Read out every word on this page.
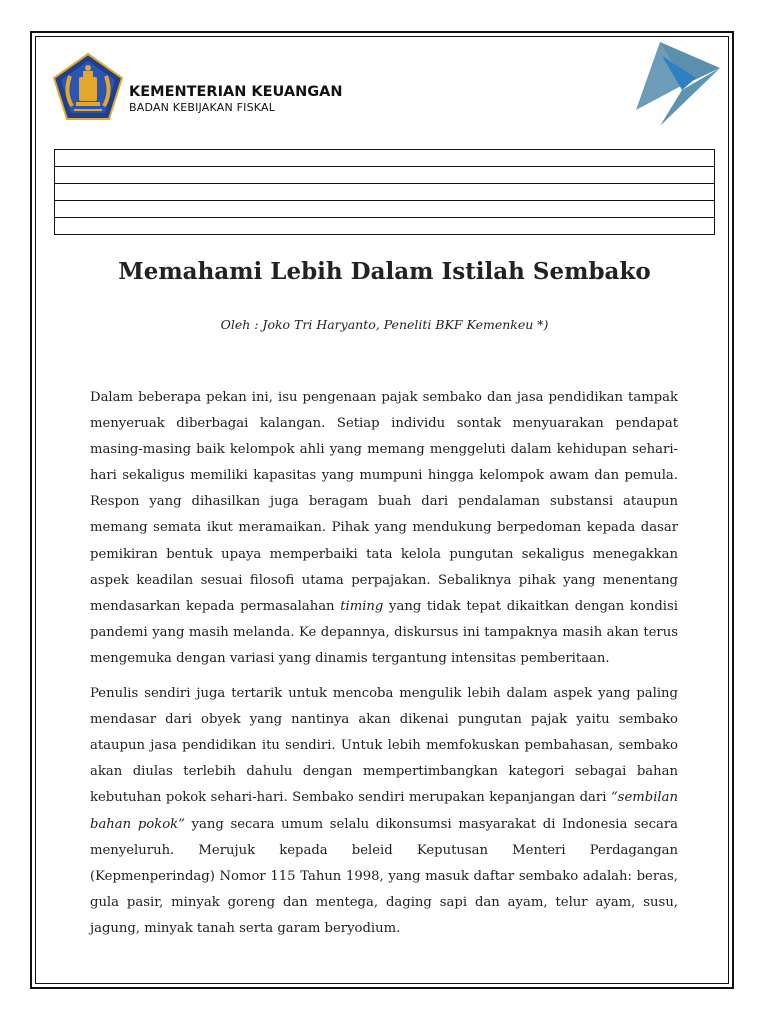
KEMENTERIAN KEUANGAN
BADAN KEBIJAKAN FISKAL
Memahami Lebih Dalam Istilah Sembako

Oleh : Joko Tri Haryanto, Peneliti BKF Kemenkeu *)

Dalam beberapa pekan ini, isu pengenaan pajak sembako dan jasa pendidikan tampak menyeruak diberbagai kalangan. Setiap individu sontak menyuarakan pendapat masing-masing baik kelompok ahli yang memang menggeluti dalam kehidupan sehari-hari sekaligus memiliki kapasitas yang mumpuni hingga kelompok awam dan pemula. Respon yang dihasilkan juga beragam buah dari pendalaman substansi ataupun memang semata ikut meramaikan. Pihak yang mendukung berpedoman kepada dasar pemikiran bentuk upaya memperbaiki tata kelola pungutan sekaligus menegakkan aspek keadilan sesuai filosofi utama perpajakan. Sebaliknya pihak yang menentang mendasarkan kepada permasalahan timing yang tidak tepat dikaitkan dengan kondisi pandemi yang masih melanda. Ke depannya, diskursus ini tampaknya masih akan terus mengemuka dengan variasi yang dinamis tergantung intensitas pemberitaan.

Penulis sendiri juga tertarik untuk mencoba mengulik lebih dalam aspek yang paling mendasar dari obyek yang nantinya akan dikenai pungutan pajak yaitu sembako ataupun jasa pendidikan itu sendiri. Untuk lebih memfokuskan pembahasan, sembako akan diulas terlebih dahulu dengan mempertimbangkan kategori sebagai bahan kebutuhan pokok sehari-hari. Sembako sendiri merupakan kepanjangan dari “sembilan bahan pokok” yang secara umum selalu dikonsumsi masyarakat di Indonesia secara menyeluruh. Merujuk kepada beleid Keputusan Menteri Perdagangan (Kepmenperindag) Nomor 115 Tahun 1998, yang masuk daftar sembako adalah: beras, gula pasir, minyak goreng dan mentega, daging sapi dan ayam, telur ayam, susu, jagung, minyak tanah serta garam beryodium.
